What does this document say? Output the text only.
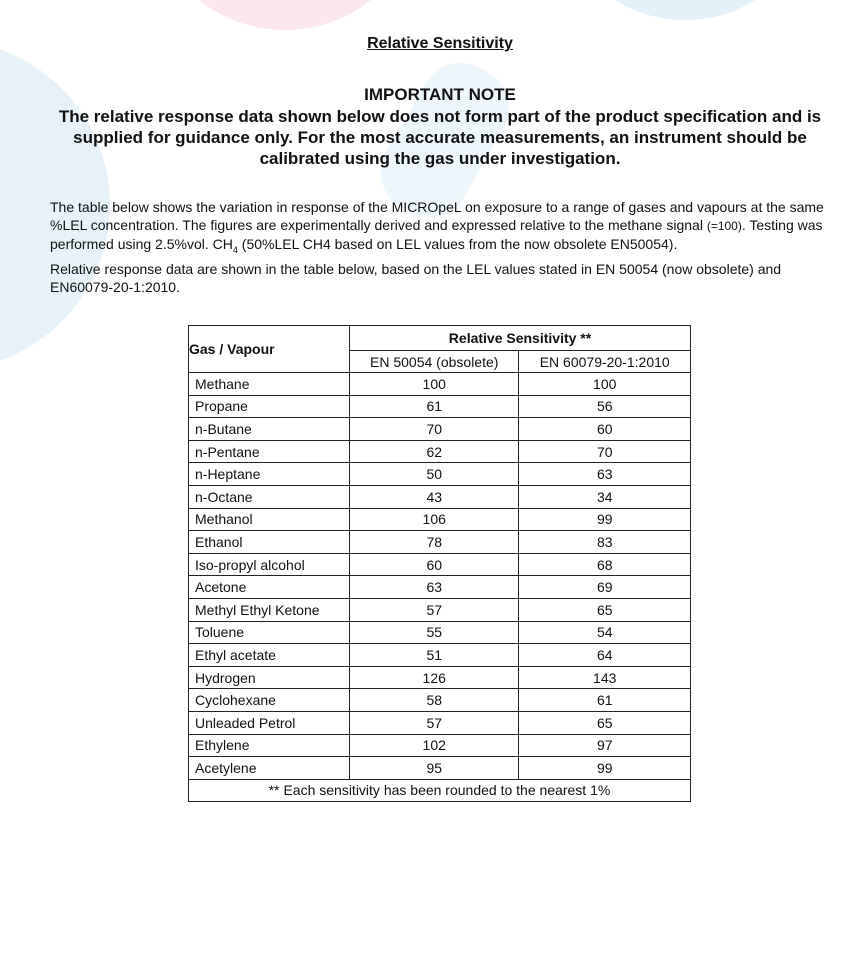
Relative Sensitivity
IMPORTANT NOTE
The relative response data shown below does not form part of the product specification and is supplied for guidance only. For the most accurate measurements, an instrument should be calibrated using the gas under investigation.
The table below shows the variation in response of the MICROpeL on exposure to a range of gases and vapours at the same %LEL concentration. The figures are experimentally derived and expressed relative to the methane signal (=100). Testing was performed using 2.5%vol. $CH_4$ (50%LEL CH4 based on LEL values from the now obsolete EN50054).
Relative response data are shown in the table below, based on the LEL values stated in EN 50054 (now obsolete) and EN60079-20-1:2010.
Gas / Vapour	Relative Sensitivity **	
	EN 50054 (obsolete)	EN 60079-20-1:2010
Methane	100	100
Propane	61	56
n-Butane	70	60
n-Pentane	62	70
n-Heptane	50	63
n-Octane	43	34
Methanol	106	99
Ethanol	78	83
Iso-propyl alcohol	60	68
Acetone	63	69
Methyl Ethyl Ketone	57	65
Toluene	55	54
Ethyl acetate	51	64
Hydrogen	126	143
Cyclohexane	58	61
Unleaded Petrol	57	65
Ethylene	102	97
Acetylene	95	99
** Each sensitivity has been rounded to the nearest 1%		
